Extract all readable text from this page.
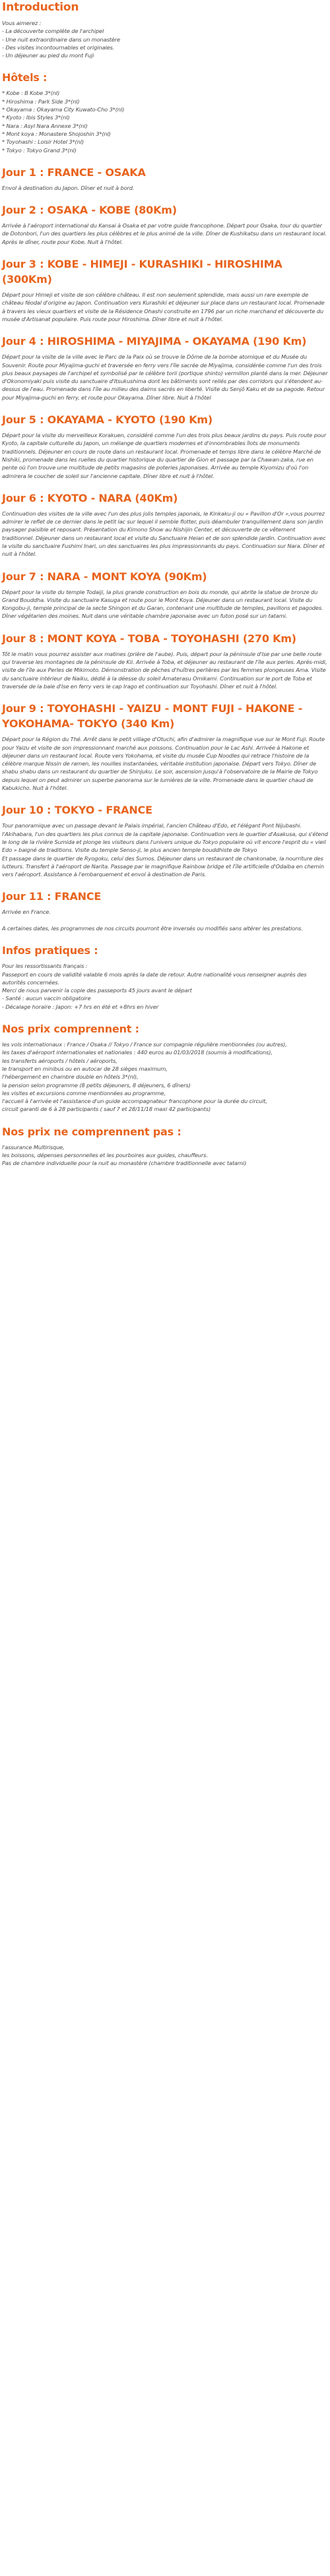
Introduction
Vous aimerez :
- La découverte complète de l'archipel
- Une nuit extraordinaire dans un monastère
- Des visites incontournables et originales.
- Un déjeuner au pied du mont Fuji
Hôtels :
* Kobe : B Kobe 3*(nl)
* Hiroshima : Park Side 3*(nl)
* Okayama : Okayama City Kuwato-Cho 3*(nl)
* Kyoto : Ibis Styles 3*(nl)
* Nara : Asyl Nara Annexe 3*(nl)
* Mont koya : Monastere Shojoshin 3*(nl)
* Toyohashi : Loisir Hotel 3*(nl)
* Tokyo : Tokyo Grand 3*(nl)
Jour 1 : FRANCE - OSAKA

Envol à destination du Japon. Dîner et nuit à bord.

Jour 2 : OSAKA - KOBE (80Km)

Arrivée à l'aéroport international du Kansai à Osaka et par votre guide francophone. Départ pour Osaka, tour du quartier de Dotonbori, l'un des quartiers les plus célèbres et le plus animé de la ville. Dîner de Kushikatsu dans un restaurant local. Après le dîner, route pour Kobe. Nuit à l'hôtel.

Jour 3 : KOBE - HIMEJI - KURASHIKI - HIROSHIMA (300Km)

Départ pour Himeji et visite de son célèbre château. Il est non seulement splendide, mais aussi un rare exemple de château féodal d'origine au Japon. Continuation vers Kurashiki et déjeuner sur place dans un restaurant local. Promenade à travers les vieux quartiers et visite de la Résidence Ohashi construite en 1796 par un riche marchand et découverte du musée d'Artisanat populaire. Puis route pour Hiroshima. Dîner libre et nuit à l'hôtel.

Jour 4 : HIROSHIMA - MIYAJIMA - OKAYAMA (190 Km)

Départ pour la visite de la ville avec le Parc de la Paix où se trouve le Dôme de la bombe atomique et du Musée du Souvenir. Route pour Miyajima-guchi et traversée en ferry vers l'île sacrée de Miyajima, considérée comme l'un des trois plus beaux paysages de l'archipel et symbolisé par le célèbre torii (portique shinto) vermillon planté dans la mer. Déjeuner d'Okonomiyaki puis visite du sanctuaire d'Itsukushima dont les bâtiments sont reliés par des corridors qui s'étendent au-dessus de l'eau. Promenade dans l'île au milieu des daims sacrés en liberté. Visite du Senjô Kaku et de sa pagode. Retour pour Miyajima-guchi en ferry, et route pour Okayama. Dîner libre. Nuit à l'hôtel

Jour 5 : OKAYAMA - KYOTO (190 Km)

Départ pour la visite du merveilleux Korakuen, considéré comme l'un des trois plus beaux jardins du pays. Puis route pour Kyoto, la capitale culturelle du Japon, un mélange de quartiers modernes et d'innombrables îlots de monuments traditionnels. Déjeuner en cours de route dans un restaurant local. Promenade et temps libre dans le célèbre Marché de Nishiki, promenade dans les ruelles du quartier historique du quartier de Gion et passage par la Chawan-zaka, rue en pente où l'on trouve une multitude de petits magasins de poteries japonaises. Arrivée au temple Kiyomizu d'où l'on admirera le coucher de soleil sur l'ancienne capitale. Dîner libre et nuit à l'hôtel.

Jour 6 : KYOTO - NARA (40Km)

Continuation des visites de la ville avec l'un des plus jolis temples japonais, le Kinkaku-ji ou « Pavillon d'Or »,vous pourrez admirer le reflet de ce dernier dans le petit lac sur lequel il semble flotter, puis déambuler tranquillement dans son jardin paysager paisible et reposant. Présentation du Kimono Show au Nishijin Center, et découverte de ce vêtement traditionnel. Déjeuner dans un restaurant local et visite du Sanctuaire Heian et de son splendide jardin. Continuation avec la visite du sanctuaire Fushimi Inari, un des sanctuaires les plus impressionnants du pays. Continuation sur Nara. Dîner et nuit à l'hôtel.

Jour 7 : NARA - MONT KOYA (90Km)

Départ pour la visite du temple Todaiji, la plus grande construction en bois du monde, qui abrite la statue de bronze du Grand Bouddha. Visite du sanctuaire Kasuga et route pour le Mont Koya. Déjeuner dans un restaurant local. Visite du Kongobu-ji, temple principal de la secte Shingon et du Garan, contenant une multitude de temples, pavillons et pagodes. Dîner végétarien des moines. Nuit dans une véritable chambre japonaise avec un futon posé sur un tatami.

Jour 8 : MONT KOYA - TOBA - TOYOHASHI (270 Km)

Tôt le matin vous pourrez assister aux matines (prière de l'aube). Puis, départ pour la péninsule d'Ise par une belle route qui traverse les montagnes de la péninsule de Kii. Arrivée à Toba, et déjeuner au restaurant de l'île aux perles. Après-midi, visite de l'île aux Perles de Mikimoto. Démonstration de pêches d'huîtres perlières par les femmes plongeuses Ama. Visite du sanctuaire intérieur de Naiku, dédié à la déesse du soleil Amaterasu Omikami. Continuation sur le port de Toba et traversée de la baie d'Ise en ferry vers le cap Irago et continuation sur Toyohashi. Dîner et nuit à l'hôtel.

Jour 9 : TOYOHASHI - YAIZU - MONT FUJI - HAKONE - YOKOHAMA- TOKYO (340 Km)

Départ pour la Région du Thé. Arrêt dans le petit village d'Otuchi, afin d'admirer la magnifique vue sur le Mont Fuji. Route pour Yaizu et visite de son impressionnant marché aux poissons. Continuation pour le Lac Ashi. Arrivée à Hakone et déjeuner dans un restaurant local. Route vers Yokohama, et visite du musée Cup Noodles qui retrace l'histoire de la célèbre marque Nissin de ramen, les nouilles instantanées, véritable institution japonaise. Départ vers Tokyo. Dîner de shabu shabu dans un restaurant du quartier de Shinjuku. Le soir, ascension jusqu'à l'observatoire de la Mairie de Tokyo depuis lequel on peut admirer un superbe panorama sur le lumières de la ville. Promenade dans le quartier chaud de Kabukicho. Nuit à l'hôtel.

Jour 10 : TOKYO - FRANCE

Tour panoramique avec un passage devant le Palais impérial, l'ancien Château d'Edo, et l'élégant Pont Nijubashi. l'Akihabara, l'un des quartiers les plus connus de la capitale japonaise. Continuation vers le quartier d'Asakusa, qui s'étend le long de la rivière Sumida et plonge les visiteurs dans l'univers unique du Tokyo populaire où vit encore l'esprit du « vieil Edo » baigné de traditions. Visite du temple Senso-ji, le plus ancien temple bouddhiste de Tokyo
Et passage dans le quartier de Ryogoku, celui des Sumos. Déjeuner dans un restaurant de chankonabe, la nourriture des lutteurs. Transfert à l'aéroport de Narita. Passage par le magnifique Rainbow bridge et l'île artificielle d'Odaiba en chemin vers l'aéroport. Assistance à l'embarquement et envol à destination de Paris.

Jour 11 : FRANCE

Arrivée en France.

A certaines dates, les programmes de nos circuits pourront être inversés ou modifiés sans altérer les prestations.

Infos pratiques :

Pour les ressortissants français :

Passeport en cours de validité valable 6 mois après la date de retour. Autre nationalité vous renseigner auprès des autorités concernées.

Merci de nous parvenir la copie des passeports 45 jours avant le départ

- Santé : aucun vaccin obligatoire

- Décalage horaire : Japon: +7 hrs en été et +8hrs en hiver

Nos prix comprennent :

les vols internationaux : France / Osaka // Tokyo / France sur compagnie régulière mentionnées (ou autres),

les taxes d'aéroport internationales et nationales : 440 euros au 01/03/2018 (soumis à modifications),

les transferts aéroports / hôtels / aéroports,

le transport en minibus ou en autocar de 28 sièges maximum,

l'hébergement en chambre double en hôtels 3*(nl),

la pension selon programme (8 petits déjeuners, 8 déjeuners, 6 dîners)

les visites et excursions comme mentionnées au programme,

l'accueil à l'arrivée et l'assistance d'un guide accompagnateur francophone pour la durée du circuit,

circuit garanti de 6 à 28 participants ( sauf 7 et 28/11/18 maxi 42 participants)

Nos prix ne comprennent pas :

l'assurance Multirisque,

les boissons, dépenses personnelles et les pourboires aux guides, chauffeurs.

Pas de chambre individuelle pour la nuit au monastère (chambre traditionnelle avec tatami)
